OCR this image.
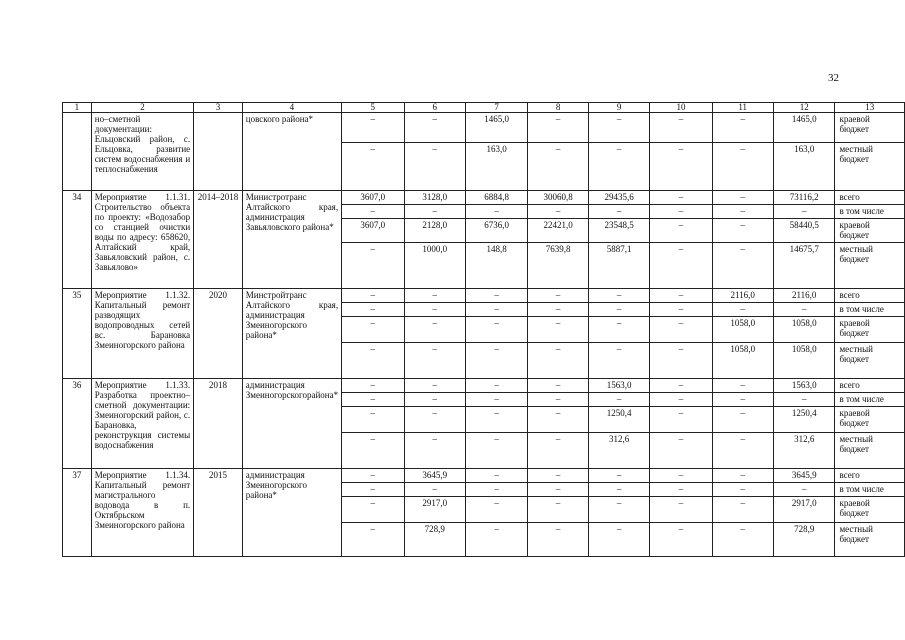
32
1	2	3	4	5	6	7	8	9	10	11	12	13
	но–сметной документации: Ельцовский район, с. Ельцовка, развитие систем водоснабжения и теплоснабжения		цовского района*	–	–	1465,0	–	–	–	–	1465,0	краевой бюджет
				–	–	163,0	–	–	–	–	163,0	местный бюджет
34	Мероприятие 1.1.31. Строительство объекта по проекту: «Водозабор со станцией очистки воды по адресу: 658620, Алтайский край, Завьяловский район, с. Завьялово»	2014–2018	Министротранс Алтайского края, администрация Завьяловского района*	3607,0	3128,0	6884,8	30060,8	29435,6	–	–	73116,2	всего
				–	–	–	–	–	–	–	–	в том числе
				3607,0	2128,0	6736,0	22421,0	23548,5	–	–	58440,5	краевой бюджет
				–	1000,0	148,8	7639,8	5887,1	–	–	14675,7	местный бюджет
35	Мероприятие 1.1.32. Капитальный ремонт разводящих водопроводных сетей вс. Барановка Змеиногорского района	2020	Минстройтранс Алтайского края, администрация Змеиногорского района*	–	–	–	–	–	–	2116,0	2116,0	всего
				–	–	–	–	–	–	–	–	в том числе
				–	–	–	–	–	–	1058,0	1058,0	краевой бюджет
				–	–	–	–	–	–	1058,0	1058,0	местный бюджет
36	Мероприятие 1.1.33. Разработка проектно–сметной документации: Змеиногорский район, с. Барановка, реконструкция системы водоснабжения	2018	администрация Змеиногорскогорайона*	–	–	–	–	1563,0	–	–	1563,0	всего
				–	–	–	–	–	–	–	–	в том числе
				–	–	–	–	1250,4	–	–	1250,4	краевой бюджет
				–	–	–	–	312,6	–	–	312,6	местный бюджет
37	Мероприятие 1.1.34. Капитальный ремонт магистрального водовода в п. Октябрьском Змеиногорского района	2015	администрация Змеиногорского района*	–	3645,9	–	–	–	–	–	3645,9	всего
				–	–	–	–	–	–	–	–	в том числе
				–	2917,0	–	–	–	–	–	2917,0	краевой бюджет
				–	728,9	–	–	–	–	–	728,9	местный бюджет
